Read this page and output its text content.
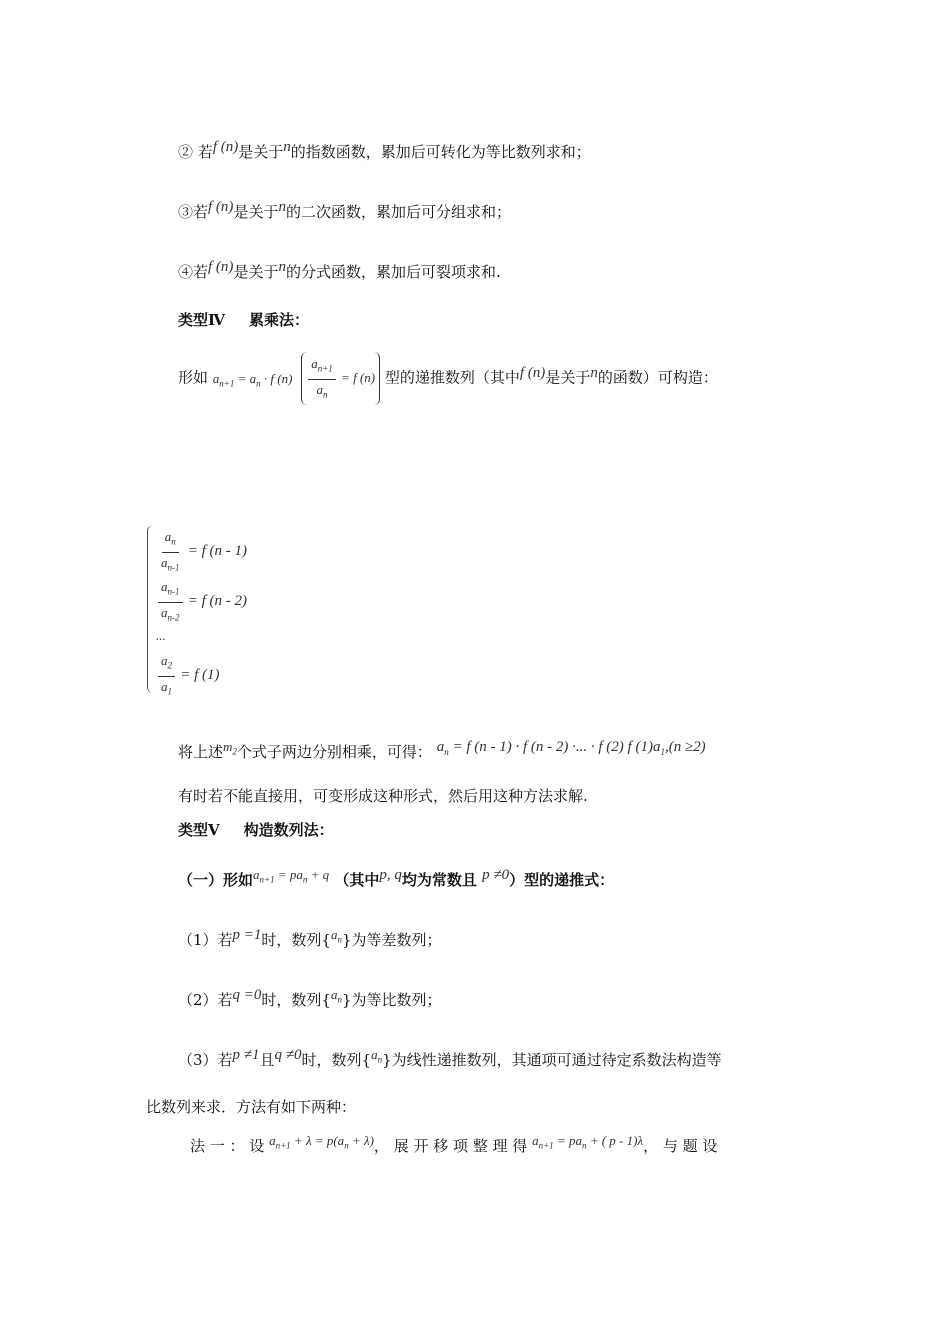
② 若f (n)是关于n的指数函数，累加后可转化为等比数列求和；
③若f (n)是关于n的二次函数，累加后可分组求和；
④若f (n)是关于n的分式函数，累加后可裂项求和.
类型Ⅳ 累乘法：
形如 $a_{n+1} = a_n \cdot f$ $(n) \frac{a_{n+1}}{a_n} = f$ (n) 型的递推数列（其中f (n)是关于n的函数）可构造：
$\frac{a_n}{a_{n-1}} = f$ (n - 1)
$\frac{a_{n-1}}{a_{n-2}} = f$ (n - 2)
...
$\frac{a_2}{a_1} = f$ (1)
将上述$m_2$个式子两边分别相乘，可得： $a_n = f$ (n - 1) · f (n - 2) ·... · f (2) f $(1)a_1,(n \ge 2)$
有时若不能直接用，可变形成这种形式，然后用这种方法求解.
类型Ⅴ 构造数列法：
（一）形如$a_{n+1} = pa_n + q$ （其中p, q均为常数且 p ≠0）型的递推式：
（1）若p =1时，数列$\{a_n\}$为等差数列；
（2）若q =0时，数列$\{a_n\}$为等比数列；
（3）若p ≠1且q ≠0时，数列$\{a_n\}$为线性递推数列，其通项可通过待定系数法构造等
比数列来求．方法有如下两种：
法 一 ： 设 $a_{n+1} + \lambda = p(a_n + \lambda)$， 展 开 移 项 整 理 得 $a_{n+1} = pa_n$ + ( p - 1)λ， 与 题 设
